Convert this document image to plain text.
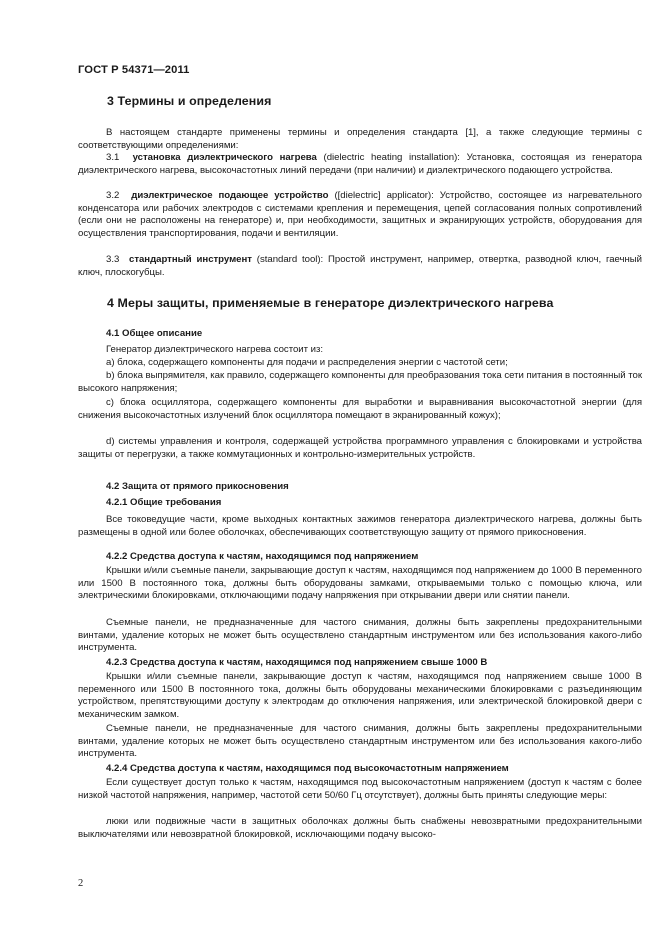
ГОСТ Р 54371—2011
3 Термины и определения
В настоящем стандарте применены термины и определения стандарта [1], а также следующие термины с соответствующими определениями:
3.1 установка диэлектрического нагрева (dielectric heating installation): Установка, состоящая из генератора диэлектрического нагрева, высокочастотных линий передачи (при наличии) и диэлектрического подающего устройства.
3.2 диэлектрическое подающее устройство ([dielectric] applicator): Устройство, состоящее из нагревательного конденсатора или рабочих электродов с системами крепления и перемещения, цепей согласования полных сопротивлений (если они не расположены на генераторе) и, при необходимости, защитных и экранирующих устройств, оборудования для осуществления транспортирования, подачи и вентиляции.
3.3 стандартный инструмент (standard tool): Простой инструмент, например, отвертка, разводной ключ, гаечный ключ, плоскогубцы.
4 Меры защиты, применяемые в генераторе диэлектрического нагрева
4.1 Общее описание
Генератор диэлектрического нагрева состоит из:
a) блока, содержащего компоненты для подачи и распределения энергии с частотой сети;
b) блока выпрямителя, как правило, содержащего компоненты для преобразования тока сети питания в постоянный ток высокого напряжения;
c) блока осциллятора, содержащего компоненты для выработки и выравнивания высокочастотной энергии (для снижения высокочастотных излучений блок осциллятора помещают в экранированный кожух);
d) системы управления и контроля, содержащей устройства программного управления с блокировками и устройства защиты от перегрузки, а также коммутационных и контрольно-измерительных устройств.
4.2 Защита от прямого прикосновения
4.2.1 Общие требования
Все токоведущие части, кроме выходных контактных зажимов генератора диэлектрического нагрева, должны быть размещены в одной или более оболочках, обеспечивающих соответствующую защиту от прямого прикосновения.
4.2.2 Средства доступа к частям, находящимся под напряжением
Крышки и/или съемные панели, закрывающие доступ к частям, находящимся под напряжением до 1000 В переменного или 1500 В постоянного тока, должны быть оборудованы замками, открываемыми только с помощью ключа, или электрическими блокировками, отключающими подачу напряжения при открывании двери или снятии панели.
Съемные панели, не предназначенные для частого снимания, должны быть закреплены предохранительными винтами, удаление которых не может быть осуществлено стандартным инструментом или без использования какого-либо инструмента.
4.2.3 Средства доступа к частям, находящимся под напряжением свыше 1000 В
Крышки и/или съемные панели, закрывающие доступ к частям, находящимся под напряжением свыше 1000 В переменного или 1500 В постоянного тока, должны быть оборудованы механическими блокировками с разъединяющим устройством, препятствующими доступу к электродам до отключения напряжения, или электрической блокировкой двери с механическим замком.
Съемные панели, не предназначенные для частого снимания, должны быть закреплены предохранительными винтами, удаление которых не может быть осуществлено стандартным инструментом или без использования какого-либо инструмента.
4.2.4 Средства доступа к частям, находящимся под высокочастотным напряжением
Если существует доступ только к частям, находящимся под высокочастотным напряжением (доступ к частям с более низкой частотой напряжения, например, частотой сети 50/60 Гц отсутствует), должны быть приняты следующие меры:
люки или подвижные части в защитных оболочках должны быть снабжены невозвратными предохранительными выключателями или невозвратной блокировкой, исключающими подачу высоко-
2
